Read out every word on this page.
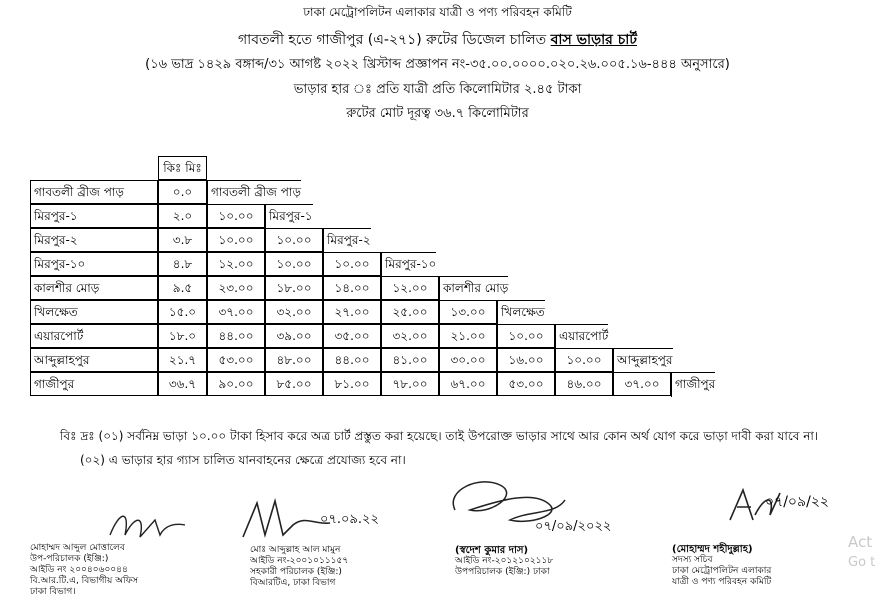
ঢাকা মেট্রোপলিটন এলাকার যাত্রী ও পণ্য পরিবহন কমিটি
গাবতলী হতে গাজীপুর (এ-২৭১) রুটের ডিজেল চালিত বাস ভাড়ার চার্ট
(১৬ ভাদ্র ১৪২৯ বঙ্গাব্দ/৩১ আগষ্ট ২০২২ খ্রিস্টাব্দ প্রজ্ঞাপন নং-৩৫.০০.০০০০.০২০.২৬.০০৫.১৬-৪৪৪ অনুসারে)
ভাড়ার হার ঃ প্রতি যাত্রী প্রতি কিলোমিটার ২.৪৫ টাকা
রুটের মোট দূরত্ব ৩৬.৭ কিলোমিটার
কিঃ মিঃ
গাবতলী ব্রীজ পাড়	০.০	গাবতলী ব্রীজ পাড়
মিরপুর-১	২.০	১০.০০	মিরপুর-১
মিরপুর-২	৩.৮	১০.০০	১০.০০	মিরপুর-২
মিরপুর-১০	৪.৮	১২.০০	১০.০০	১০.০০	মিরপুর-১০
কালশীর মোড়	৯.৫	২৩.০০	১৮.০০	১৪.০০	১২.০০	কালশীর মোড়
খিলক্ষেত	১৫.০	৩৭.০০	৩২.০০	২৭.০০	২৫.০০	১৩.০০	খিলক্ষেত
এয়ারপোর্ট	১৮.০	৪৪.০০	৩৯.০০	৩৫.০০	৩২.০০	২১.০০	১০.০০	এয়ারপোর্ট
আব্দুল্লাহপুর	২১.৭	৫৩.০০	৪৮.০০	৪৪.০০	৪১.০০	৩০.০০	১৬.০০	১০.০০	আব্দুল্লাহপুর
গাজীপুর	৩৬.৭	৯০.০০	৮৫.০০	৮১.০০	৭৮.০০	৬৭.০০	৫৩.০০	৪৬.০০	৩৭.০০	গাজীপুর
বিঃ দ্রঃ (০১) সর্বনিম্ন ভাড়া ১০.০০ টাকা হিসাব করে অত্র চার্ট প্রস্তুত করা হয়েছে। তাই উপরোক্ত ভাড়ার সাথে আর কোন অর্থ যোগ করে ভাড়া দাবী করা যাবে না।
(০২) এ ভাড়ার হার গ্যাস চালিত যানবাহনের ক্ষেত্রে প্রযোজ্য হবে না।
মোহাম্মদ আব্দুল মোত্তালেব
উপ-পরিচালক (ইঞ্জি:)
আইডি নং ২০০৪০৬০০৪৪
বি.আর.টি.এ, বিভাগীয় অফিস
ঢাকা বিভাগ।
০৭.০৯.২২
মোঃ আব্দুল্লাহ আল মামুন
আইডি নং-২০০১০১১১৫৭
সহকারী পরিচালক (ইঞ্জি:)
বিআরটিএ, ঢাকা বিভাগ
০৭/০৯/২০২২
(স্বদেশ কুমার দাস)
আইডি নং-২০১২১০২১১৮
উপপরিচালক (ইঞ্জি:) ঢাকা
০৭/০৯/২২
(মোহাম্মদ শহীদুল্লাহ)
সদস্য সচিব
ঢাকা মেট্রোপলিটন এলাকার
যাত্রী ও পণ্য পরিবহন কমিটি
Act
Go t
